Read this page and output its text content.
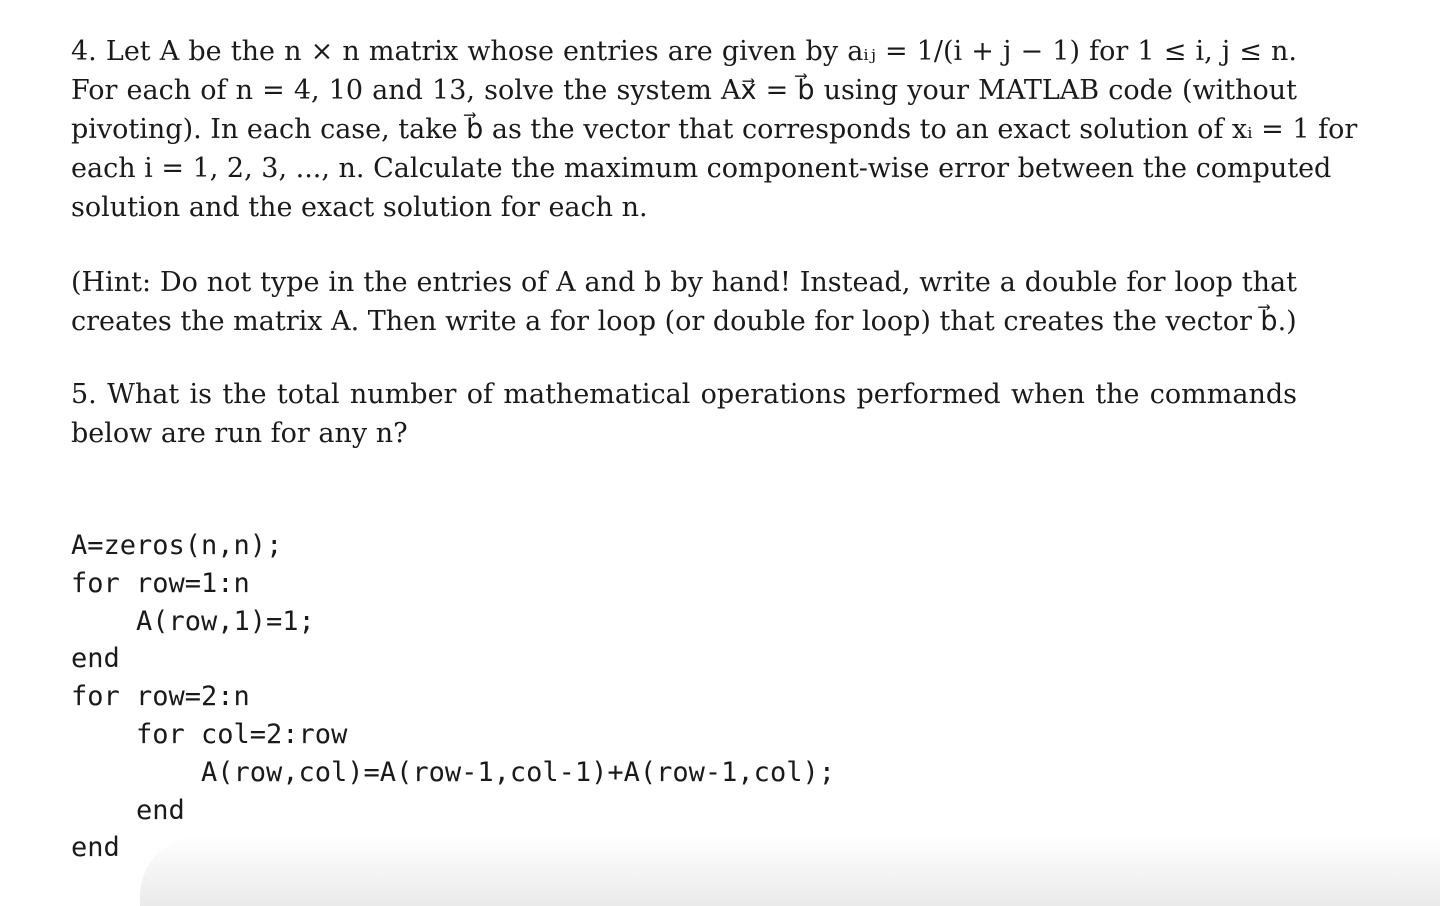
4. Let A be the n × n matrix whose entries are given by aᵢⱼ = 1/(i + j − 1) for 1 ≤ i, j ≤ n.
For each of n = 4, 10 and 13, solve the system Ax⃗ = b⃗ using your MATLAB code (without
pivoting). In each case, take b⃗ as the vector that corresponds to an exact solution of xᵢ = 1 for
each i = 1, 2, 3, ..., n. Calculate the maximum component-wise error between the computed
solution and the exact solution for each n.

(Hint: Do not type in the entries of A and b by hand! Instead, write a double for loop that
creates the matrix A. Then write a for loop (or double for loop) that creates the vector b⃗.)

5. What is the total number of mathematical operations performed when the commands
below are run for any n?

A=zeros(n,n);
for row=1:n
A(row,1)=1;
end
for row=2:n
for col=2:row
A(row,col)=A(row-1,col-1)+A(row-1,col);
end
end
